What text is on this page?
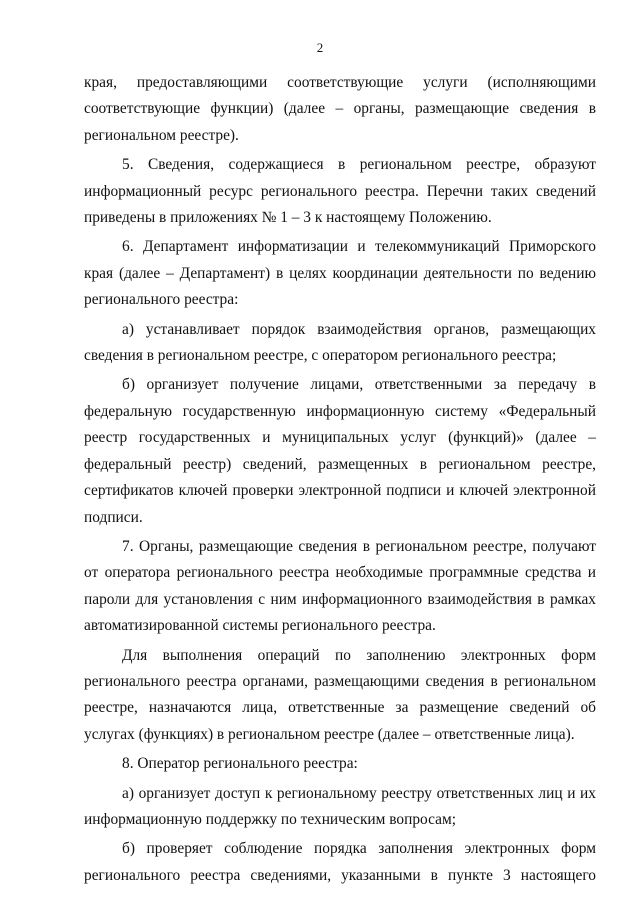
2

края, предоставляющими соответствующие услуги (исполняющими соответствующие функции) (далее – органы, размещающие сведения в региональном реестре).

5. Сведения, содержащиеся в региональном реестре, образуют информационный ресурс регионального реестра. Перечни таких сведений приведены в приложениях № 1 – 3 к настоящему Положению.

6. Департамент информатизации и телекоммуникаций Приморского края (далее – Департамент) в целях координации деятельности по ведению регионального реестра:

а) устанавливает порядок взаимодействия органов, размещающих сведения в региональном реестре, с оператором регионального реестра;

б) организует получение лицами, ответственными за передачу в федеральную государственную информационную систему «Федеральный реестр государственных и муниципальных услуг (функций)» (далее – федеральный реестр) сведений, размещенных в региональном реестре, сертификатов ключей проверки электронной подписи и ключей электронной подписи.

7. Органы, размещающие сведения в региональном реестре, получают от оператора регионального реестра необходимые программные средства и пароли для установления с ним информационного взаимодействия в рамках автоматизированной системы регионального реестра.

Для выполнения операций по заполнению электронных форм регионального реестра органами, размещающими сведения в региональном реестре, назначаются лица, ответственные за размещение сведений об услугах (функциях) в региональном реестре (далее – ответственные лица).

8. Оператор регионального реестра:

а) организует доступ к региональному реестру ответственных лиц и их информационную поддержку по техническим вопросам;

б) проверяет соблюдение порядка заполнения электронных форм регионального реестра сведениями, указанными в пункте 3 настоящего
